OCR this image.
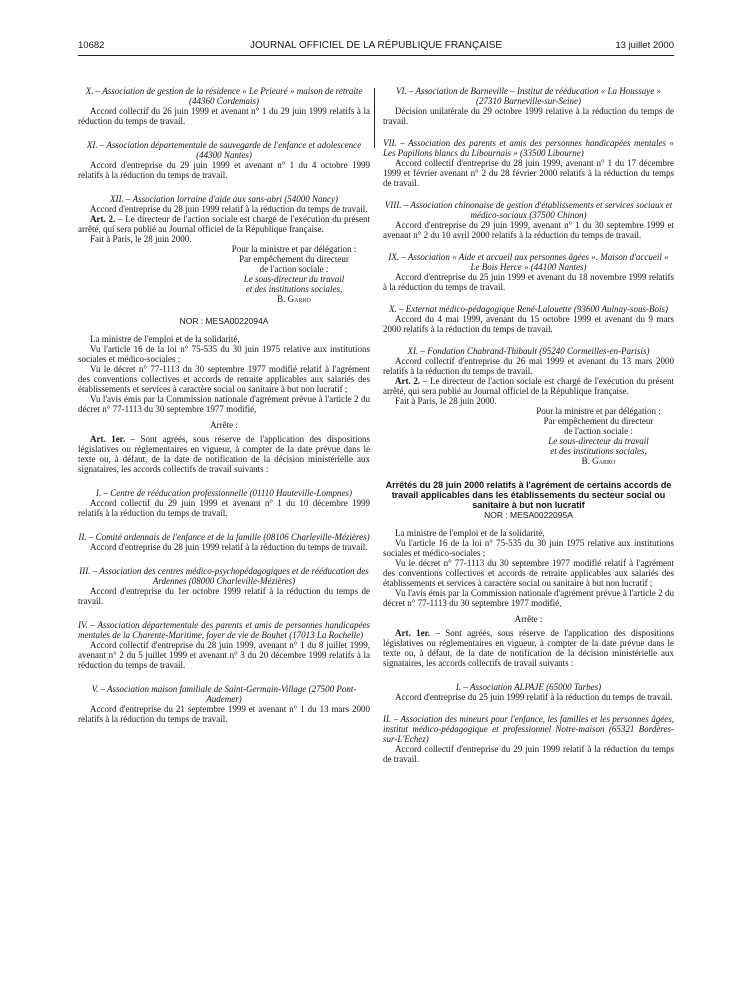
10682	JOURNAL OFFICIEL DE LA RÉPUBLIQUE FRANÇAISE	13 juillet 2000

X. – Association de gestion de la résidence « Le Prieuré » maison de retraite (44360 Cordemais)

Accord collectif du 26 juin 1999 et avenant n° 1 du 29 juin 1999 relatifs à la réduction du temps de travail.

XI. – Association départementale de sauvegarde de l'enfance et adolescence (44300 Nantes)

Accord d'entreprise du 29 juin 1999 et avenant n° 1 du 4 octobre 1999 relatifs à la réduction du temps de travail.

XII. – Association lorraine d'aide aux sans-abri (54000 Nancy)

Accord d'entreprise du 28 juin 1999 relatif à la réduction du temps de travail.

Art. 2. – Le directeur de l'action sociale est chargé de l'exécution du présent arrêté, qui sera publié au Journal officiel de la République française.

Fait à Paris, le 28 juin 2000.

Pour la ministre et par délégation :

Par empêchement du directeur

de l'action sociale :

Le sous-directeur du travail

et des institutions sociales,

B. Garro

NOR : MESA0022094A

La ministre de l'emploi et de la solidarité,

Vu l'article 16 de la loi n° 75-535 du 30 juin 1975 relative aux institutions sociales et médico-sociales ;

Vu le décret n° 77-1113 du 30 septembre 1977 modifié relatif à l'agrément des conventions collectives et accords de retraite applicables aux salariés des établissements et services à caractère social ou sanitaire à but non lucratif ;

Vu l'avis émis par la Commission nationale d'agrément prévue à l'article 2 du décret n° 77-1113 du 30 septembre 1977 modifié,

Arrête :

Art. 1er. – Sont agréés, sous réserve de l'application des dispositions législatives ou réglementaires en vigueur, à compter de la date prévue dans le texte ou, à défaut, de la date de notification de la décision ministérielle aux signataires, les accords collectifs de travail suivants :

I. – Centre de rééducation professionnelle (01110 Hauteville-Lompnes)

Accord collectif du 29 juin 1999 et avenant n° 1 du 10 décembre 1999 relatifs à la réduction du temps de travail.

II. – Comité ardennais de l'enfance et de la famille (08106 Charleville-Mézières)

Accord d'entreprise du 28 juin 1999 relatif à la réduction du temps de travail.

III. – Association des centres médico-psychopédagogiques et de rééducation des Ardennes (08000 Charleville-Mézières)

Accord d'entreprise du 1er octobre 1999 relatif à la réduction du temps de travail.

IV. – Association départementale des parents et amis de personnes handicapées mentales de la Charente-Maritime, foyer de vie de Bouhet (17013 La Rochelle)

Accord collectif d'entreprise du 28 juin 1999, avenant n° 1 du 8 juillet 1999, avenant n° 2 du 5 juillet 1999 et avenant n° 3 du 20 décembre 1999 relatifs à la réduction du temps de travail.

V. – Association maison familiale de Saint-Germain-Village (27500 Pont-Audemer)

Accord d'entreprise du 21 septembre 1999 et avenant n° 1 du 13 mars 2000 relatifs à la réduction du temps de travail.

VI. – Association de Barneville – Institut de rééducation « La Houssaye » (27310 Barneville-sur-Seine)

Décision unilatérale du 29 octobre 1999 relative à la réduction du temps de travail.

VII. – Association des parents et amis des personnes handicapées mentales « Les Papillons blancs du Libournais » (33500 Libourne)

Accord collectif d'entreprise du 28 juin 1999, avenant n° 1 du 17 décembre 1999 et février avenant n° 2 du 28 février 2000 relatifs à la réduction du temps de travail.

VIII. – Association chinonaise de gestion d'établissements et services sociaux et médico-sociaux (37500 Chinon)

Accord d'entreprise du 29 juin 1999, avenant n° 1 du 30 septembre 1999 et avenant n° 2 du 10 avril 2000 relatifs à la réduction du temps de travail.

IX. – Association « Aide et accueil aux personnes âgées ». Maison d'accueil « Le Bois Herce » (44100 Nantes)

Accord d'entreprise du 25 juin 1999 et avenant du 18 novembre 1999 relatifs à la réduction du temps de travail.

X. – Externat médico-pédagogique René-Lalouette (93600 Aulnay-sous-Bois)

Accord du 4 mai 1999, avenant du 15 octobre 1999 et avenant du 9 mars 2000 relatifs à la réduction du temps de travail.

XI. – Fondation Chabrand-Thibault (95240 Cormeilles-en-Parisis)

Accord collectif d'entreprise du 26 mai 1999 et avenant du 13 mars 2000 relatifs à la réduction du temps de travail.

Art. 2. – Le directeur de l'action sociale est chargé de l'exécution du présent arrêté, qui sera publié au Journal officiel de la République française.

Fait à Paris, le 28 juin 2000.

Pour la ministre et par délégation :

Par empêchement du directeur

de l'action sociale :

Le sous-directeur du travail

et des institutions sociales,

B. Garro

Arrêtés du 28 juin 2000 relatifs à l'agrément de certains accords de travail applicables dans les établissements du secteur social ou sanitaire à but non lucratif

NOR : MESA0022095A

La ministre de l'emploi et de la solidarité,

Vu l'article 16 de la loi n° 75-535 du 30 juin 1975 relative aux institutions sociales et médico-sociales ;

Vu le décret n° 77-1113 du 30 septembre 1977 modifié relatif à l'agrément des conventions collectives et accords de retraite applicables aux salariés des établissements et services à caractère social ou sanitaire à but non lucratif ;

Vu l'avis émis par la Commission nationale d'agrément prévue à l'article 2 du décret n° 77-1113 du 30 septembre 1977 modifié,

Arrête :

Art. 1er. – Sont agréés, sous réserve de l'application des dispositions législatives ou réglementaires en vigueur, à compter de la date prévue dans le texte ou, à défaut, de la date de notification de la décision ministérielle aux signataires, les accords collectifs de travail suivants :

I. – Association ALPAJE (65000 Tarbes)

Accord d'entreprise du 25 juin 1999 relatif à la réduction du temps de travail.

II. – Association des mineurs pour l'enfance, les familles et les personnes âgées, institut médico-pédagogique et professionnel Notre-maison (65321 Bordères-sur-L'Echez)

Accord collectif d'entreprise du 29 juin 1999 relatif à la réduction du temps de travail.
